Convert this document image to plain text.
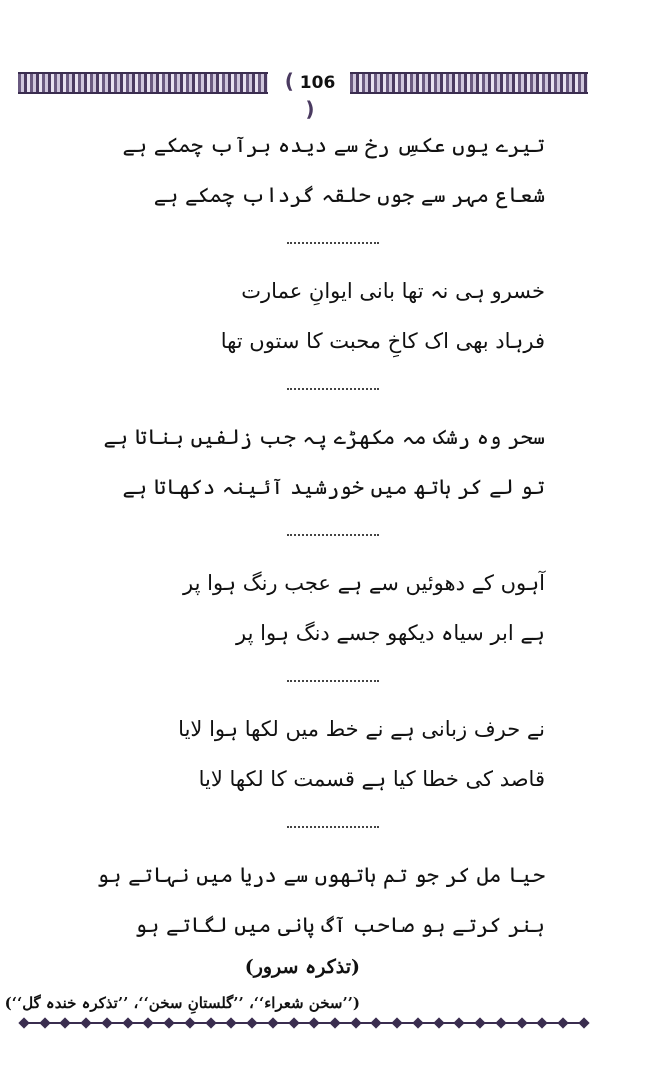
( 106 )
تیرے یوں عکسِ رخ سے دیدہ برآب چمکے ہے
شعاع مہر سے جوں حلقہ گرداب چمکے ہے
خسرو ہی نہ تھا بانی ایوانِ عمارت
فرہاد بھی اک کاخِ محبت کا ستوں تھا
سحر وہ رشک مہ مکھڑے پہ جب زلفیں بناتا ہے
تو لے کر ہاتھ میں خورشید آئینہ دکھاتا ہے
آہوں کے دھوئیں سے ہے عجب رنگ ہوا پر
ہے ابر سیاہ دیکھو جسے دنگ ہوا پر
نے حرف زبانی ہے نے خط میں لکھا ہوا لایا
قاصد کی خطا کیا ہے قسمت کا لکھا لایا
حیا مل کر جو تم ہاتھوں سے دریا میں نہاتے ہو
ہنر کرتے ہو صاحب آگ پانی میں لگاتے ہو
(تذکرہ سرور)
(’’سخن شعراء‘‘، ’’گلستانِ سخن‘‘، ’’تذکرہ خندہ گل‘‘)
